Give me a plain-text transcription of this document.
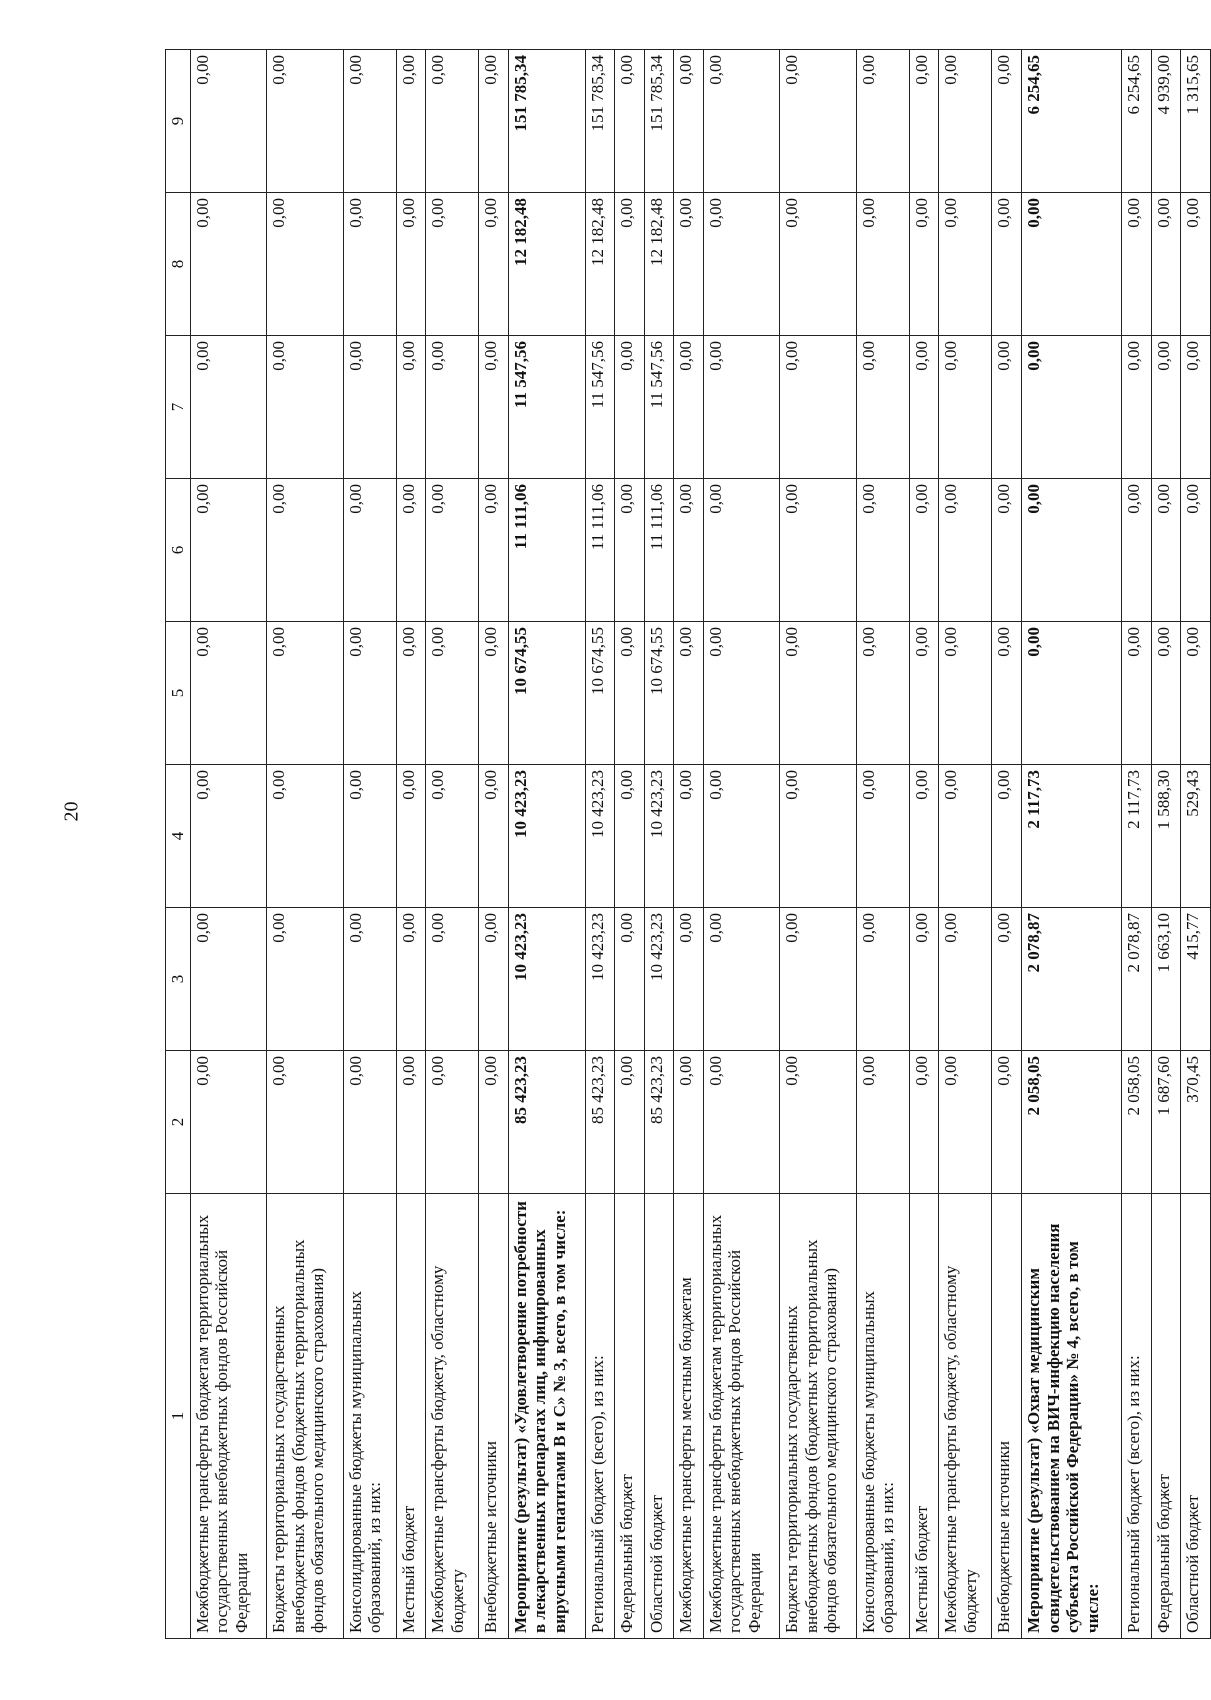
20
1	2	3	4	5	6	7	8	9
Межбюджетные трансферты бюджетам территориальных государственных внебюджетных фондов Российской Федерации	0,00	0,00	0,00	0,00	0,00	0,00	0,00	0,00
Бюджеты территориальных государственных внебюджетных фондов (бюджетных территориальных фондов обязательного медицинского страхования)	0,00	0,00	0,00	0,00	0,00	0,00	0,00	0,00
Консолидированные бюджеты муниципальных образований, из них:	0,00	0,00	0,00	0,00	0,00	0,00	0,00	0,00
Местный бюджет	0,00	0,00	0,00	0,00	0,00	0,00	0,00	0,00
Межбюджетные трансферты бюджету, областному бюджету	0,00	0,00	0,00	0,00	0,00	0,00	0,00	0,00
Внебюджетные источники	0,00	0,00	0,00	0,00	0,00	0,00	0,00	0,00
Мероприятие (результат) «Удовлетворение потребности в лекарственных препаратах лиц, инфицированных вирусными гепатитами В и С» № 3, всего, в том числе:	85 423,23	10 423,23	10 423,23	10 674,55	11 111,06	11 547,56	12 182,48	151 785,34
Региональный бюджет (всего), из них:	85 423,23	10 423,23	10 423,23	10 674,55	11 111,06	11 547,56	12 182,48	151 785,34
Федеральный бюджет	0,00	0,00	0,00	0,00	0,00	0,00	0,00	0,00
Областной бюджет	85 423,23	10 423,23	10 423,23	10 674,55	11 111,06	11 547,56	12 182,48	151 785,34
Межбюджетные трансферты местным бюджетам	0,00	0,00	0,00	0,00	0,00	0,00	0,00	0,00
Межбюджетные трансферты бюджетам территориальных государственных внебюджетных фондов Российской Федерации	0,00	0,00	0,00	0,00	0,00	0,00	0,00	0,00
Бюджеты территориальных государственных внебюджетных фондов (бюджетных территориальных фондов обязательного медицинского страхования)	0,00	0,00	0,00	0,00	0,00	0,00	0,00	0,00
Консолидированные бюджеты муниципальных образований, из них:	0,00	0,00	0,00	0,00	0,00	0,00	0,00	0,00
Местный бюджет	0,00	0,00	0,00	0,00	0,00	0,00	0,00	0,00
Межбюджетные трансферты бюджету, областному бюджету	0,00	0,00	0,00	0,00	0,00	0,00	0,00	0,00
Внебюджетные источники	0,00	0,00	0,00	0,00	0,00	0,00	0,00	0,00
Мероприятие (результат) «Охват медицинским освидетельствованием на ВИЧ-инфекцию населения субъекта Российской Федерации» № 4, всего, в том числе:	2 058,05	2 078,87	2 117,73	0,00	0,00	0,00	0,00	6 254,65
Региональный бюджет (всего), из них:	2 058,05	2 078,87	2 117,73	0,00	0,00	0,00	0,00	6 254,65
Федеральный бюджет	1 687,60	1 663,10	1 588,30	0,00	0,00	0,00	0,00	4 939,00
Областной бюджет	370,45	415,77	529,43	0,00	0,00	0,00	0,00	1 315,65
